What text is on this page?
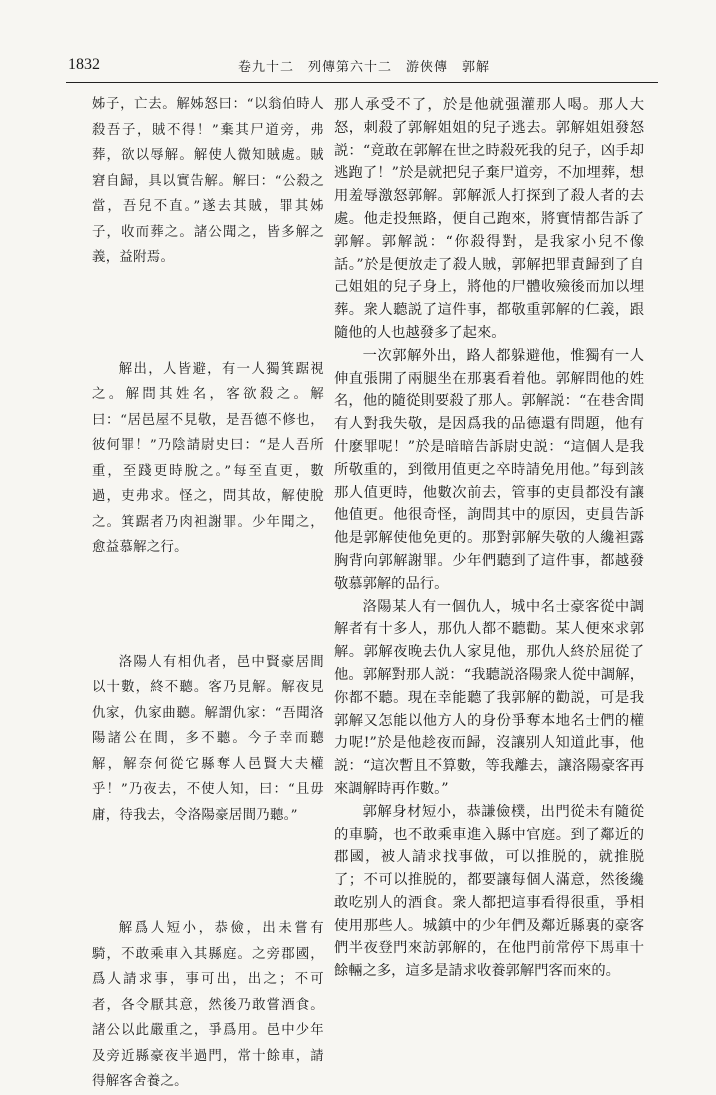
1832	卷九十二　列傳第六十二　游俠傳　郭解

姊子，亡去。解姊怒曰：“以翁伯時人殺吾子，賊不得！”棄其尸道旁，弗葬，欲以辱解。解使人微知賊處。賊窘自歸，具以實告解。解曰：“公殺之當，吾兒不直。”遂去其賊，罪其姊子，收而葬之。諸公聞之，皆多解之義，益附焉。

解出，人皆避，有一人獨箕踞視之。解問其姓名，客欲殺之。解曰：“居邑屋不見敬，是吾德不修也，彼何罪！”乃陰請尉史曰：“是人吾所重，至踐更時脫之。”每至直更，數過，吏弗求。怪之，問其故，解使脫之。箕踞者乃肉袒謝罪。少年聞之，愈益慕解之行。

洛陽人有相仇者，邑中賢豪居間以十數，終不聽。客乃見解。解夜見仇家，仇家曲聽。解謂仇家：“吾聞洛陽諸公在間，多不聽。今子幸而聽解，解奈何從它縣奪人邑賢大夫權乎！”乃夜去，不使人知，曰：“且毋庸，待我去，令洛陽豪居間乃聽。”

解爲人短小，恭儉，出未嘗有騎，不敢乘車入其縣庭。之旁郡國，爲人請求事，事可出，出之；不可者，各令厭其意，然後乃敢嘗酒食。諸公以此嚴重之，爭爲用。邑中少年及旁近縣豪夜半過門，常十餘車，請得解客舍養之。

那人承受不了，於是他就强灌那人喝。那人大怒，刺殺了郭解姐姐的兒子逃去。郭解姐姐發怒説：“竟敢在郭解在世之時殺死我的兒子，凶手却逃跑了！”於是就把兒子棄尸道旁，不加埋葬，想用羞辱激怒郭解。郭解派人打探到了殺人者的去處。他走投無路，便自己跑來，將實情都告訴了郭解。郭解説：“你殺得對，是我家小兒不像話。”於是便放走了殺人賊，郭解把罪責歸到了自己姐姐的兒子身上，將他的尸體收殮後而加以埋葬。衆人聽説了這件事，都敬重郭解的仁義，跟隨他的人也越發多了起來。

一次郭解外出，路人都躲避他，惟獨有一人伸直張開了兩腿坐在那裏看着他。郭解問他的姓名，他的隨從則要殺了那人。郭解説：“在巷舍間有人對我失敬，是因爲我的品德還有問題，他有什麽罪呢！”於是暗暗告訴尉史説：“這個人是我所敬重的，到徵用值更之卒時請免用他。”每到該那人值更時，他數次前去，管事的吏員都没有讓他值更。他很奇怪，詢問其中的原因，吏員告訴他是郭解使他免更的。那對郭解失敬的人纔袒露胸背向郭解謝罪。少年們聽到了這件事，都越發敬慕郭解的品行。

洛陽某人有一個仇人，城中名士豪客從中調解者有十多人，那仇人都不聽勸。某人便來求郭解。郭解夜晚去仇人家見他，那仇人終於屈從了他。郭解對那人説：“我聽説洛陽衆人從中調解，你都不聽。現在幸能聽了我郭解的勸説，可是我郭解又怎能以他方人的身份爭奪本地名士們的權力呢!”於是他趁夜而歸，沒讓别人知道此事，他説：“這次暫且不算數，等我離去，讓洛陽豪客再來調解時再作數。”

郭解身材短小，恭謙儉樸，出門從未有隨從的車騎，也不敢乘車進入縣中官庭。到了鄰近的郡國，被人請求找事做，可以推脱的，就推脱了；不可以推脱的，都要讓每個人滿意，然後纔敢吃别人的酒食。衆人都把這事看得很重，爭相使用那些人。城鎮中的少年們及鄰近縣裏的豪客們半夜登門來訪郭解的，在他門前常停下馬車十餘輛之多，這多是請求收養郭解門客而來的。
